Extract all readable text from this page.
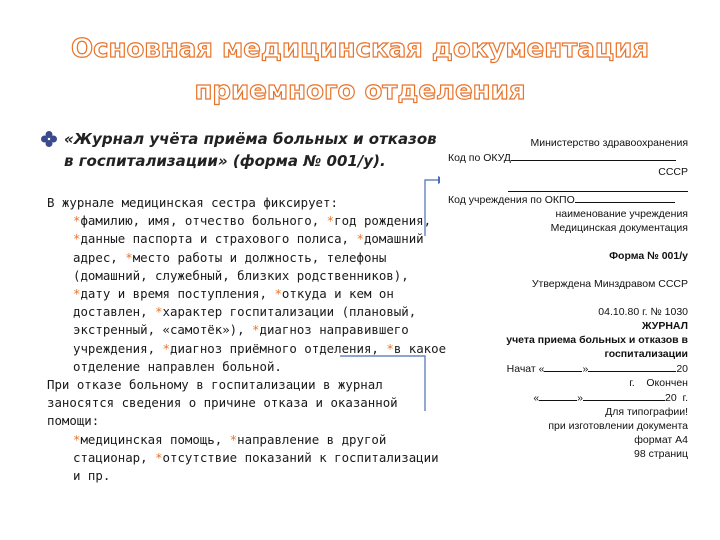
Основная медицинская документация
приемного отделения
«Журнал учёта приёма больных и отказов в госпитализации» (форма № 001/у).
В журнале медицинская сестра фиксирует:
*фамилию, имя, отчество больного, *год рождения, *данные паспорта и страхового полиса, *домашний адрес, *место работы и должность, телефоны (домашний, служебный, близких родственников), *дату и время поступления, *откуда и кем он доставлен, *характер госпитализации (плановый, экстренный, «самотёк»), *диагноз направившего учреждения, *диагноз приёмного отделения, *в какое отделение направлен больной.
При отказе больному в госпитализации в журнал заносятся сведения о причине отказа и оказанной помощи:
*медицинская помощь, *направление в другой стационар, *отсутствие показаний к госпитализации и пр.
Министерство здравоохранения
Код по ОКУД
СССР
Код учреждения по ОКПО
наименование учреждения
Медицинская документация
Форма № 001/у
Утверждена Минздравом СССР
04.10.80 г. № 1030
ЖУРНАЛ
учета приема больных и отказов в госпитализации
Начат «	»	20
г. Окончен
«	»	20 г.
Для типографии!
при изготовлении документа
формат А4
98 страниц
